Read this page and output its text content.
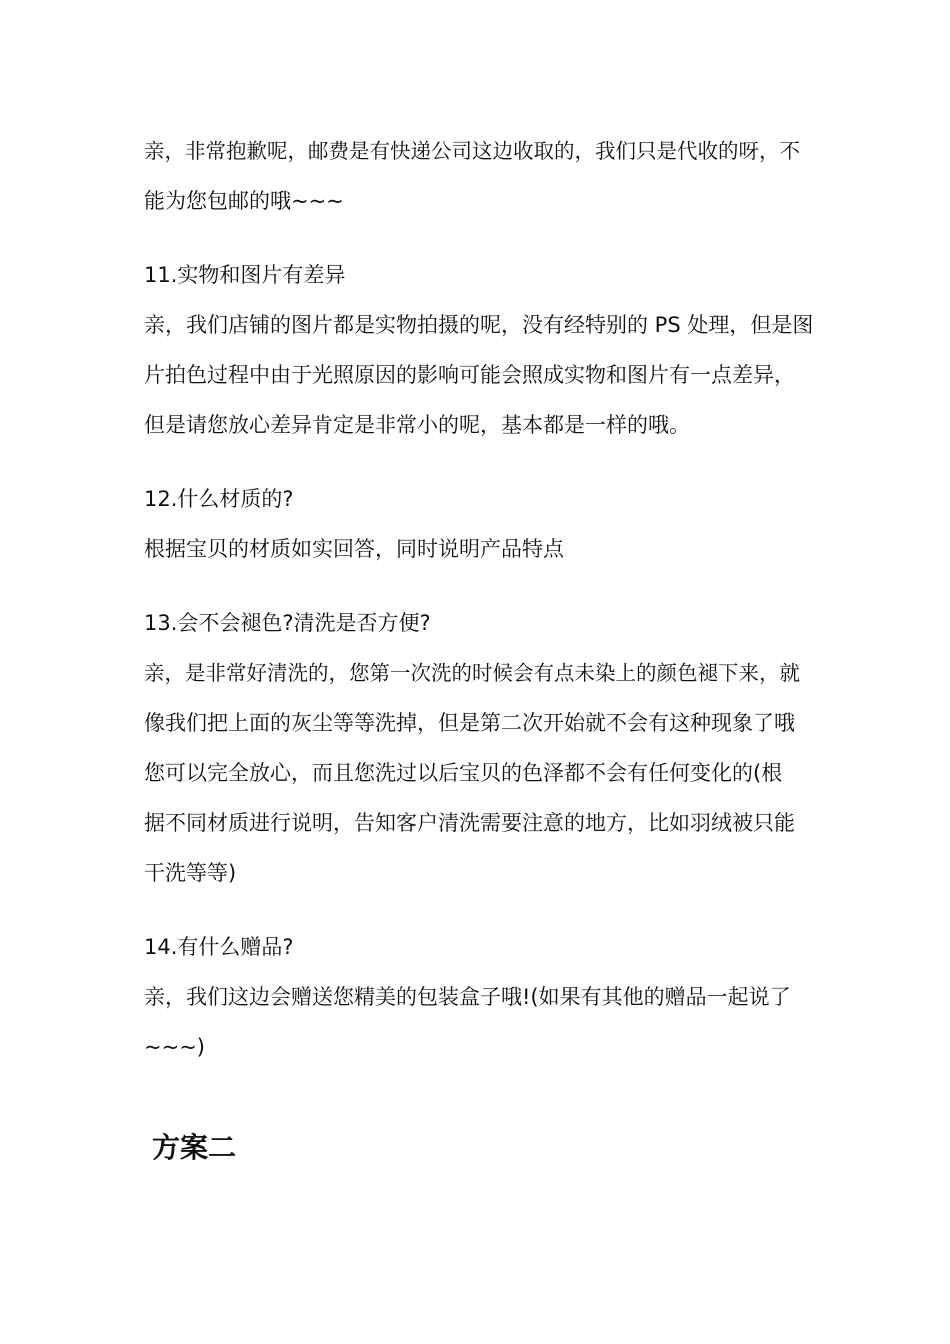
亲，非常抱歉呢，邮费是有快递公司这边收取的，我们只是代收的呀，不
能为您包邮的哦~~~
11.实物和图片有差异
亲，我们店铺的图片都是实物拍摄的呢，没有经特别的 PS 处理，但是图
片拍色过程中由于光照原因的影响可能会照成实物和图片有一点差异，
但是请您放心差异肯定是非常小的呢，基本都是一样的哦。
12.什么材质的?
根据宝贝的材质如实回答，同时说明产品特点
13.会不会褪色?清洗是否方便?
亲，是非常好清洗的，您第一次洗的时候会有点未染上的颜色褪下来，就
像我们把上面的灰尘等等洗掉，但是第二次开始就不会有这种现象了哦
您可以完全放心，而且您洗过以后宝贝的色泽都不会有任何变化的(根
据不同材质进行说明，告知客户清洗需要注意的地方，比如羽绒被只能
干洗等等)
14.有什么赠品?
亲，我们这边会赠送您精美的包装盒子哦!(如果有其他的赠品一起说了
~~~)
方案二
